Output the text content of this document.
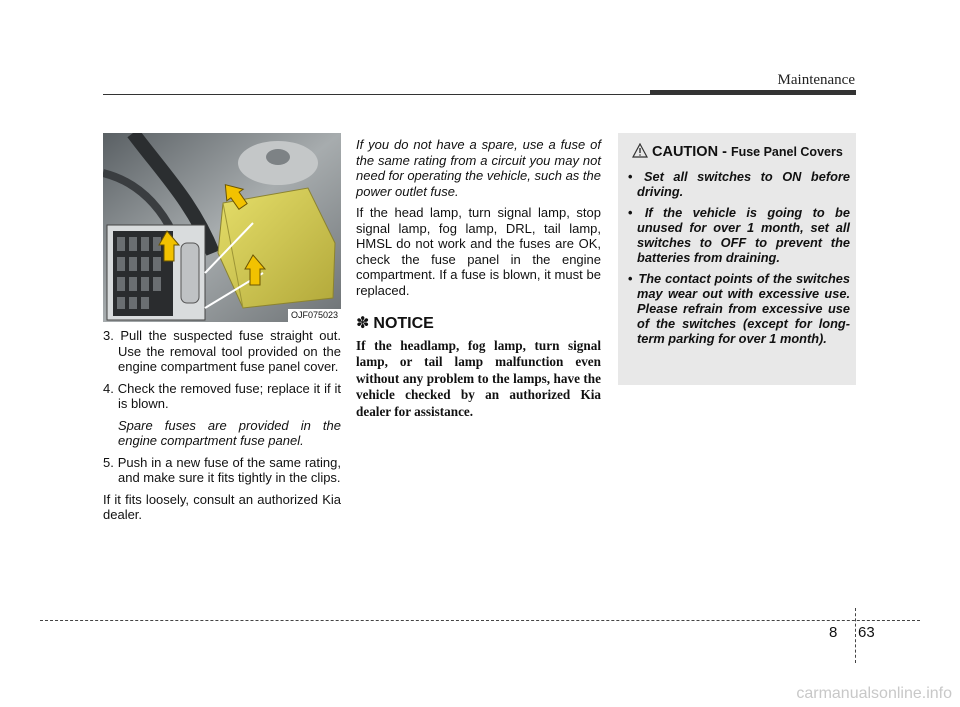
Maintenance
OJF075023
3. Pull the suspected fuse straight out. Use the removal tool provided on the engine compartment fuse panel cover.
4. Check the removed fuse; replace it if it is blown.
Spare fuses are provided in the engine compartment fuse panel.
5. Push in a new fuse of the same rating, and make sure it fits tightly in the clips.

If it fits loosely, consult an authorized Kia dealer.

If you do not have a spare, use a fuse of the same rating from a circuit you may not need for operating the vehicle, such as the power outlet fuse.

If the head lamp, turn signal lamp, stop signal lamp, fog lamp, DRL, tail lamp, HMSL do not work and the fuses are OK, check the fuse panel in the engine compartment. If a fuse is blown, it must be replaced.

✽ NOTICE
If the headlamp, fog lamp, turn signal lamp, or tail lamp malfunction even without any problem to the lamps, have the vehicle checked by an authorized Kia dealer for assistance.
CAUTION - Fuse Panel Covers
• Set all switches to ON before driving.
• If the vehicle is going to be unused for over 1 month, set all switches to OFF to prevent the batteries from draining.
• The contact points of the switches may wear out with excessive use. Please refrain from excessive use of the switches (except for long-term parking for over 1 month).
8 63
carmanualsonline.info
